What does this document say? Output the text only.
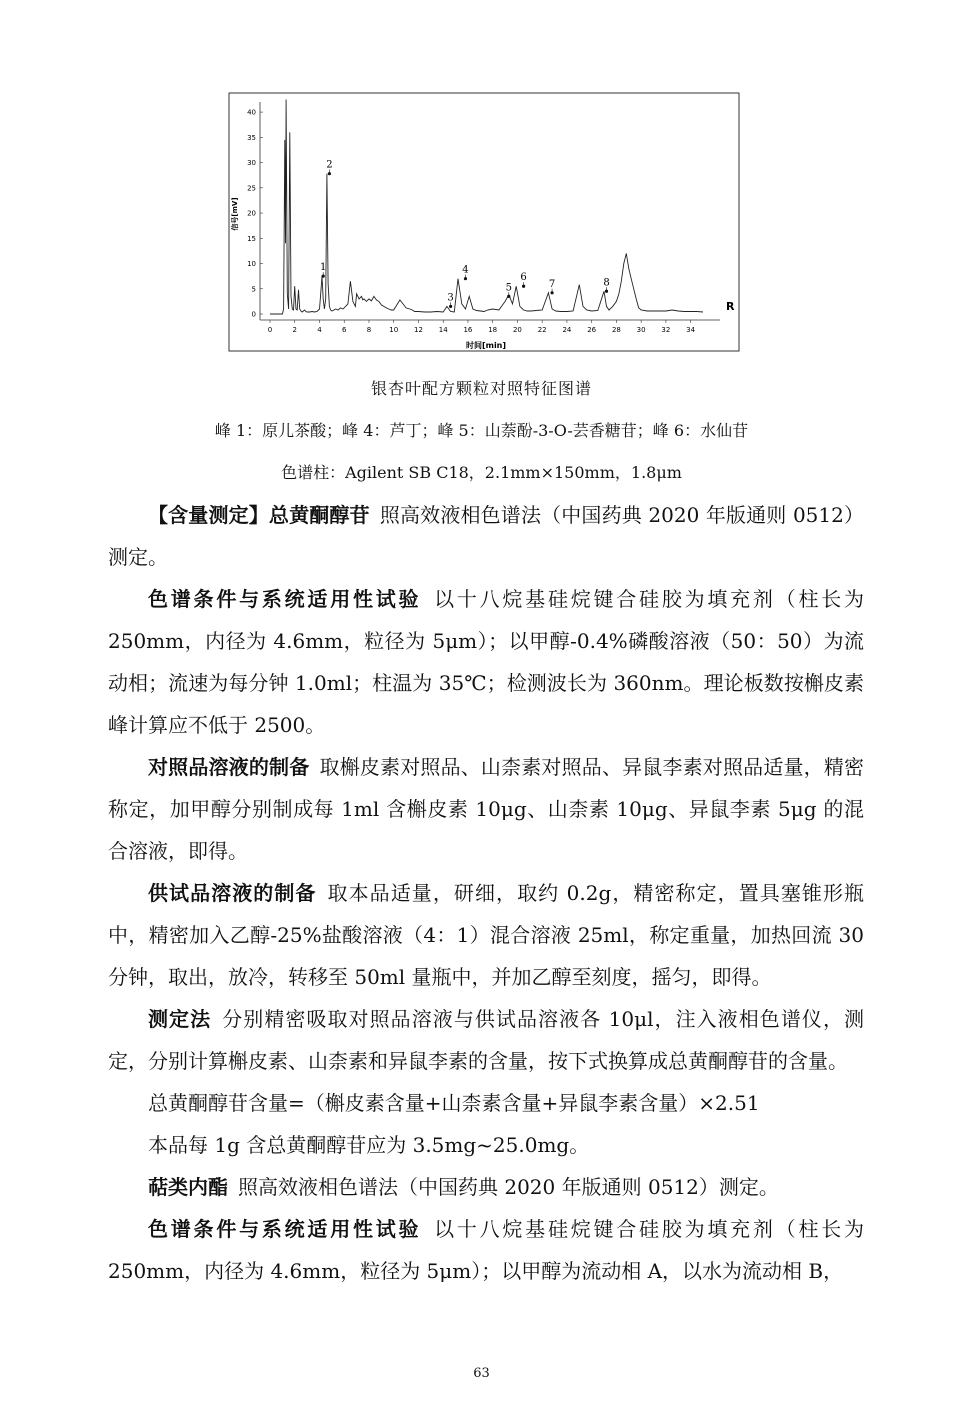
0
5
10
15
20
25
30
35
40
0	2	4	6	8	10 12 14 16 18 20 22 24 26 28 30 32 34
1
2
3
4
5
6
7	8
信号[mV]
时间[min]
R
银杏叶配方颗粒对照特征图谱
峰 1：原儿茶酸；峰 4：芦丁；峰 5：山萘酚-3-O-芸香糖苷；峰 6：水仙苷
色谱柱：Agilent SB C18，2.1mm×150mm，1.8μm

【含量测定】总黄酮醇苷  照高效液相色谱法（中国药典 2020 年版通则 0512）测定。

色谱条件与系统适用性试验  以十八烷基硅烷键合硅胶为填充剂（柱长为250mm，内径为 4.6mm，粒径为 5μm）；以甲醇-0.4%磷酸溶液（50：50）为流动相；流速为每分钟 1.0ml；柱温为 35℃；检测波长为 360nm。理论板数按槲皮素峰计算应不低于 2500。

对照品溶液的制备  取槲皮素对照品、山柰素对照品、异鼠李素对照品适量，精密称定，加甲醇分别制成每 1ml 含槲皮素 10μg、山柰素 10μg、异鼠李素 5μg 的混合溶液，即得。

供试品溶液的制备  取本品适量，研细，取约 0.2g，精密称定，置具塞锥形瓶中，精密加入乙醇-25%盐酸溶液（4：1）混合溶液 25ml，称定重量，加热回流 30 分钟，取出，放冷，转移至 50ml 量瓶中，并加乙醇至刻度，摇匀，即得。

测定法  分别精密吸取对照品溶液与供试品溶液各 10μl，注入液相色谱仪，测定，分别计算槲皮素、山柰素和异鼠李素的含量，按下式换算成总黄酮醇苷的含量。

总黄酮醇苷含量=（槲皮素含量+山柰素含量+异鼠李素含量）×2.51

本品每 1g 含总黄酮醇苷应为 3.5mg~25.0mg。

萜类内酯  照高效液相色谱法（中国药典 2020 年版通则 0512）测定。

色谱条件与系统适用性试验  以十八烷基硅烷键合硅胶为填充剂（柱长为250mm，内径为 4.6mm，粒径为 5μm）；以甲醇为流动相 A，以水为流动相 B，

63
